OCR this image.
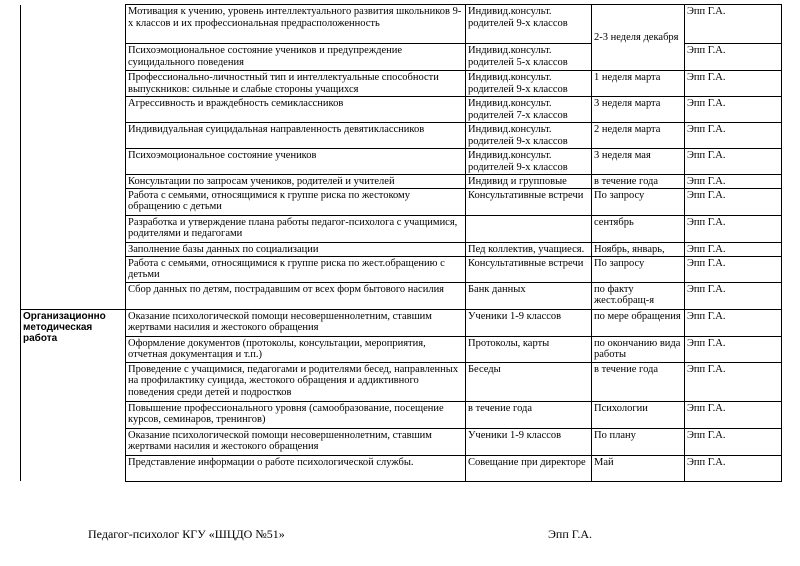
	Мотивация к учению, уровень интеллектуального развития школьников 9-х классов и их профессиональная предрасположенность	Индивид.консульт. родителей 9-х классов	2-3 неделя декабря	Эпп Г.А.
	Психоэмоциональное состояние учеников и предупреждение суицидального поведения	Индивид.консульт. родителей 5-х классов		Эпп Г.А.
	Профессионально-личностный тип и интеллектуальные способности выпускников: сильные и слабые стороны учащихся	Индивид.консульт. родителей 9-х классов	1 неделя марта	Эпп Г.А.
	Агрессивность и враждебность семиклассников	Индивид.консульт. родителей 7-х классов	3 неделя марта	Эпп Г.А.
	Индивидуальная суицидальная направленность девятиклассников	Индивид.консульт. родителей 9-х классов	2 неделя марта	Эпп Г.А.
	Психоэмоциональное состояние учеников	Индивид.консульт. родителей 9-х классов	3 неделя мая	Эпп Г.А.
	Консультации по запросам учеников, родителей и учителей	Индивид и групповые	в течение года	Эпп Г.А.
	Работа с семьями, относящимися к группе риска по жестокому обращению с детьми	Консультативные встречи	По запросу	Эпп Г.А.
	Разработка и утверждение плана работы педагог-психолога с учащимися, родителями и педагогами		сентябрь	Эпп Г.А.
	Заполнение базы данных по социализации	Пед коллектив, учащиеся.	Ноябрь, январь,	Эпп Г.А.
	Работа с семьями, относящимися к группе риска по жест.обращению с детьми	Консультативные встречи	По запросу	Эпп Г.А.
	Сбор данных по детям, пострадавшим от всех форм бытового насилия	Банк данных	по факту жест.обращ-я	Эпп Г.А.
Организационно методическая работа	Оказание психологической помощи несовершеннолетним, ставшим жертвами насилия и жестокого обращения	Ученики 1-9 классов	по мере обращения	Эпп Г.А.
	Оформление документов (протоколы, консультации, мероприятия, отчетная документация и т.п.)	Протоколы, карты	по окончанию вида работы	Эпп Г.А.
	Проведение с учащимися, педагогами и родителями бесед, направленных на профилактику суицида, жестокого обращения и аддиктивного поведения среди детей и подростков	Беседы	в течение года	Эпп Г.А.
	Повышение профессионального уровня (самообразование, посещение курсов, семинаров, тренингов)	в течение года	Психологии	Эпп Г.А.
	Оказание психологической помощи несовершеннолетним, ставшим жертвами насилия и жестокого обращения	Ученики 1-9 классов	По плану	Эпп Г.А.
	Представление информации о работе психологической службы.	Совещание при директоре	Май	Эпп Г.А.
Педагог-психолог КГУ «ШЦДО №51»	Эпп Г.А.
